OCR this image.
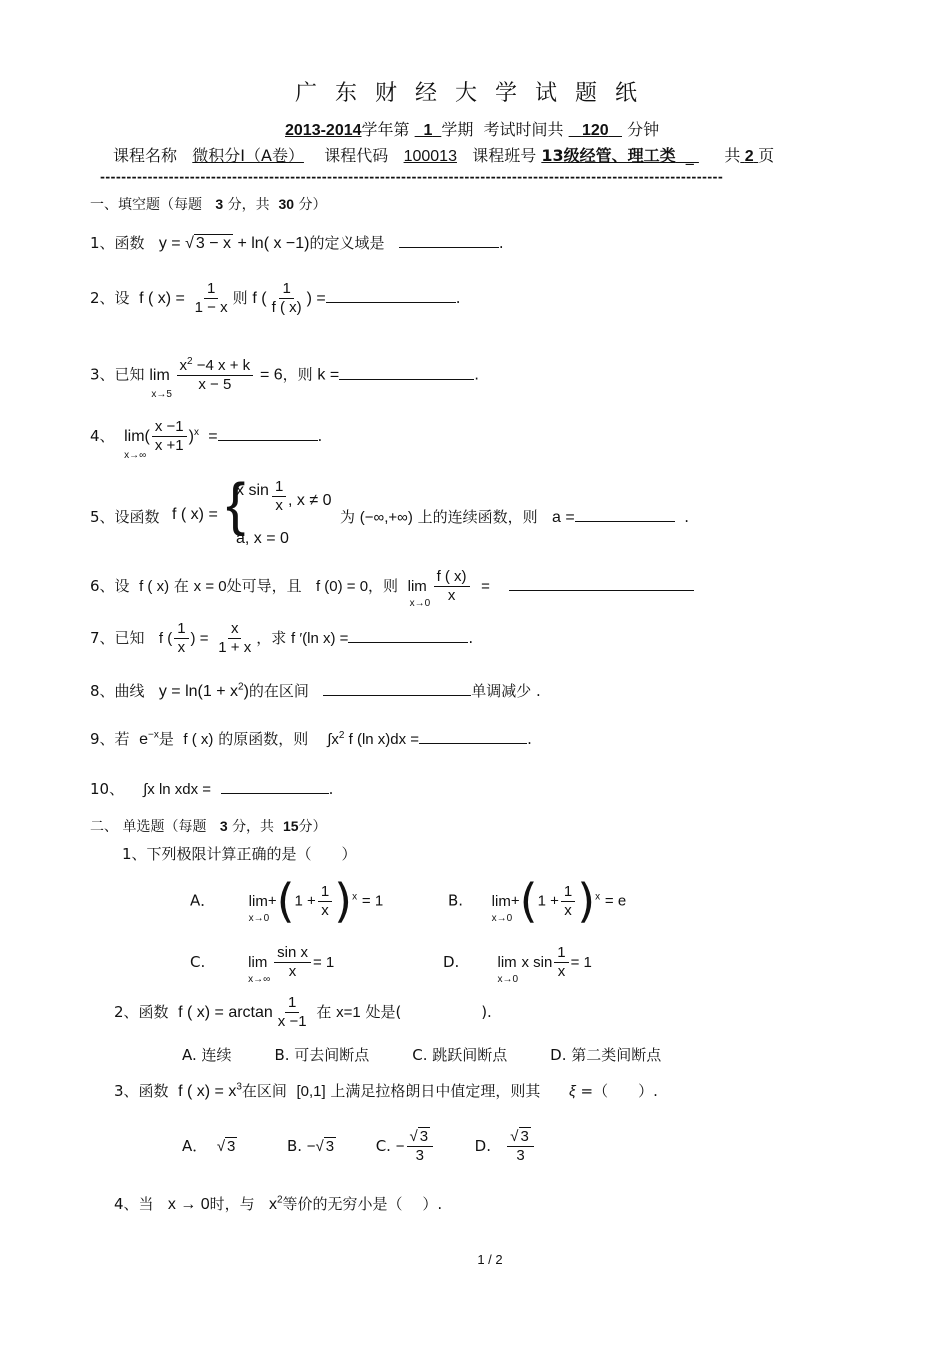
广东财经大学试题纸
2013-2014学年第 1 学期 考试时间共 120 分钟
课程名称 微积分Ⅰ（A卷） 课程代码 100013 课程班号 13级经管、理工类  _      共 2 页
----------------------------------------------------------------------------------------------------------------------
一、填空题（每题 3 分，共 30 分）
1、函数 y = √ 3 − x + ln( x −1)的定义域是	.
2、设 f ( $x) = \frac{1}{1 - x}$ 则 f ( $\frac{1}{f ( x)}$ ) =	.
3、已知 lim
x→5
$\frac{x^2 -4 x + k}{x - 5} = 6$，则 k =	.
4、 lim
x→∞
( $\frac{x -1}{x +1} )^x$  =	.
5、设函数 f ( x) = {
x $\sin \frac{1}{x}$ , x ≠ 0
a, x = 0
为 (−∞,+∞) 上的连续函数，则 a =	.
6、设 f ( x) 在 x = 0处可导，且 f (0) = 0，则 lim
x→0
$\frac{f ( x)}{x}$ =
7、已知 f ( $\frac{1}{x}$ ) = $\frac{x}{1 + x}$ ，求 f ′(ln x) =	.
8、曲线 $y = \ln(1 + x^2)$的在区间	单调减少 .
9、若 $e^{-x}$是 f ( x) 的原函数，则 $\int x^2$ f (ln x)dx =	.
10、 ∫x ln xdx =	.
二、 单选题（每题 3 分，共 15分）
1、下列极限计算正确的是（　　）
A． lim
x→0
$+(1 + \frac{1}{x} )^x = 1$	B. lim
x→0
$+(1 + \frac{1}{x} )^x = e$
C.	lim
x→∞
$\frac{\text{sin x}}{x} = 1$	D.	lim
x→0
x $\sin \frac{1}{x} = 1$
2、函数 f ( $x) = \arctan \frac{1}{x -1}$ 在 x=1 处是(	).
A. 连续	B. 可去间断点	C. 跳跃间断点	D. 第二类间断点
3、函数 f ( $x) = x^3$在区间 [0,1] 上满足拉格朗日中值定理，则其 ξ =（　　）.
A． √ 3	B. −√ 3	C. − $\frac{√ 3}{3}$	D. $\frac{√ 3}{3}$
4、当 x → 0时，与 $x^2$等价的无穷小是（　 ）.
1 / 2
